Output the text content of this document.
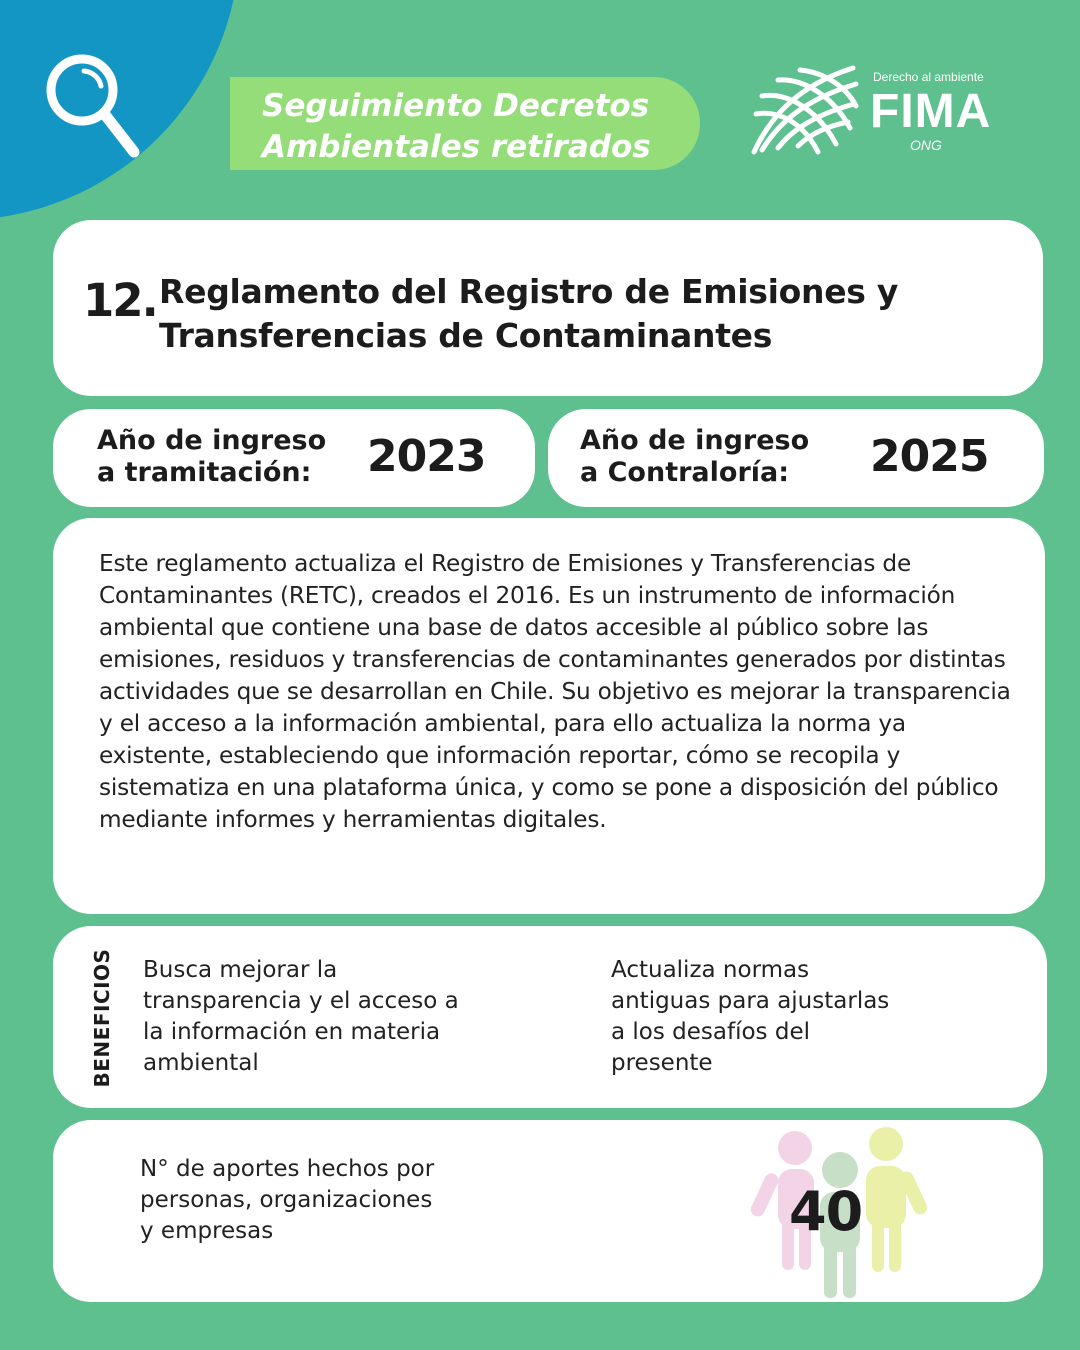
Seguimiento Decretos
Ambientales retirados
Derecho al ambiente
FIMA
ONG
12. Reglamento del Registro de Emisiones y
Transferencias de Contaminantes
Año de ingreso
a tramitación:	2023	Año de ingreso
a Contraloría:	2025

Este reglamento actualiza el Registro de Emisiones y Transferencias de Contaminantes (RETC), creados el 2016. Es un instrumento de información ambiental que contiene una base de datos accesible al público sobre las emisiones, residuos y transferencias de contaminantes generados por distintas actividades que se desarrollan en Chile. Su objetivo es mejorar la transparencia y el acceso a la información ambiental, para ello actualiza la norma ya existente, estableciendo que información reportar, cómo se recopila y sistematiza en una plataforma única, y como se pone a disposición del público mediante informes y herramientas digitales.

BENEFICIOS Busca mejorar la
transparencia y el acceso a
la información en materia
ambiental
Actualiza normas
antiguas para ajustarlas
a los desafíos del
presente
N° de aportes hechos por
personas, organizaciones
y empresas	40
